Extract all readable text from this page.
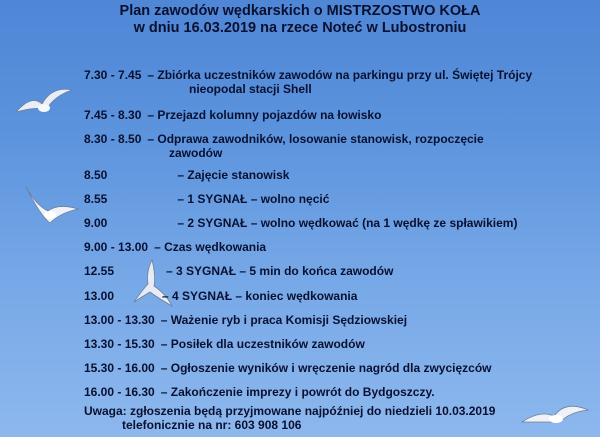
Plan zawodów wędkarskich o MISTRZOSTWO KOŁA
w dniu 16.03.2019 na rzece Noteć w Lubostroniu
7.30 - 7.45 – Zbiórka uczestników zawodów na parkingu przy ul. Świętej Trójcy
nieopodal stacji Shell
7.45 - 8.30 – Przejazd kolumny pojazdów na łowisko
8.30 - 8.50 – Odprawa zawodników, losowanie stanowisk, rozpoczęcie
zawodów
8.50	– Zajęcie stanowisk
8.55	– 1 SYGNAŁ – wolno nęcić
9.00	– 2 SYGNAŁ – wolno wędkować (na 1 wędkę ze spławikiem)
9.00 - 13.00 – Czas wędkowania
12.55	– 3 SYGNAŁ – 5 min do końca zawodów
13.00	– 4 SYGNAŁ – koniec wędkowania
13.00 - 13.30 – Ważenie ryb i praca Komisji Sędziowskiej
13.30 - 15.30 – Posiłek dla uczestników zawodów
15.30 - 16.00 – Ogłoszenie wyników i wręczenie nagród dla zwycięzców
16.00 - 16.30 – Zakończenie imprezy i powrót do Bydgoszczy.
Uwaga: zgłoszenia będą przyjmowane najpóźniej do niedzieli 10.03.2019
telefonicznie na nr: 603 908 106
